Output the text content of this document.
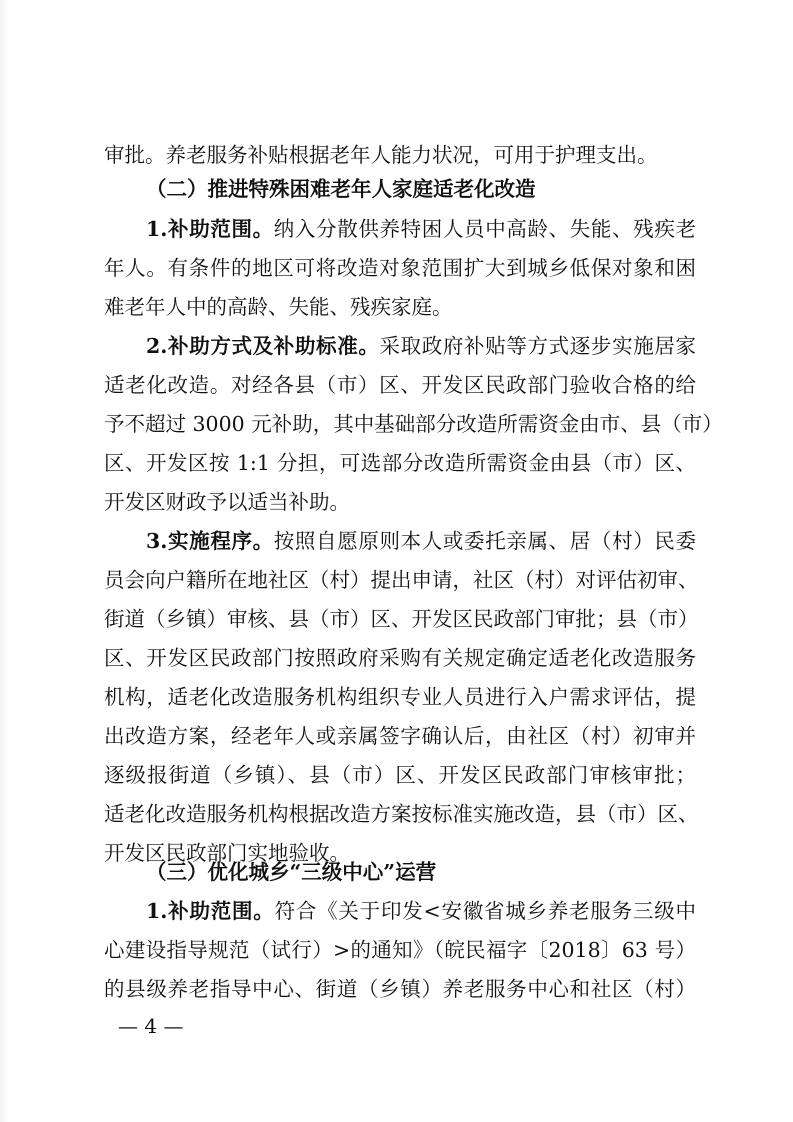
审批。养老服务补贴根据老年人能力状况，可用于护理支出。
（二）推进特殊困难老年人家庭适老化改造
1.补助范围。纳入分散供养特困人员中高龄、失能、残疾老
年人。有条件的地区可将改造对象范围扩大到城乡低保对象和困
难老年人中的高龄、失能、残疾家庭。
2.补助方式及补助标准。采取政府补贴等方式逐步实施居家
适老化改造。对经各县（市）区、开发区民政部门验收合格的给
予不超过 3000 元补助，其中基础部分改造所需资金由市、县（市）
区、开发区按 1:1 分担，可选部分改造所需资金由县（市）区、
开发区财政予以适当补助。
3.实施程序。按照自愿原则本人或委托亲属、居（村）民委
员会向户籍所在地社区（村）提出申请，社区（村）对评估初审、
街道（乡镇）审核、县（市）区、开发区民政部门审批；县（市）
区、开发区民政部门按照政府采购有关规定确定适老化改造服务
机构，适老化改造服务机构组织专业人员进行入户需求评估，提
出改造方案，经老年人或亲属签字确认后，由社区（村）初审并
逐级报街道（乡镇）、县（市）区、开发区民政部门审核审批；
适老化改造服务机构根据改造方案按标准实施改造，县（市）区、
开发区民政部门实地验收。
（三）优化城乡“三级中心”运营
1.补助范围。符合《关于印发<安徽省城乡养老服务三级中
心建设指导规范（试行）>的通知》（皖民福字〔2018〕63 号）
的县级养老指导中心、街道（乡镇）养老服务中心和社区（村）
— 4 —
